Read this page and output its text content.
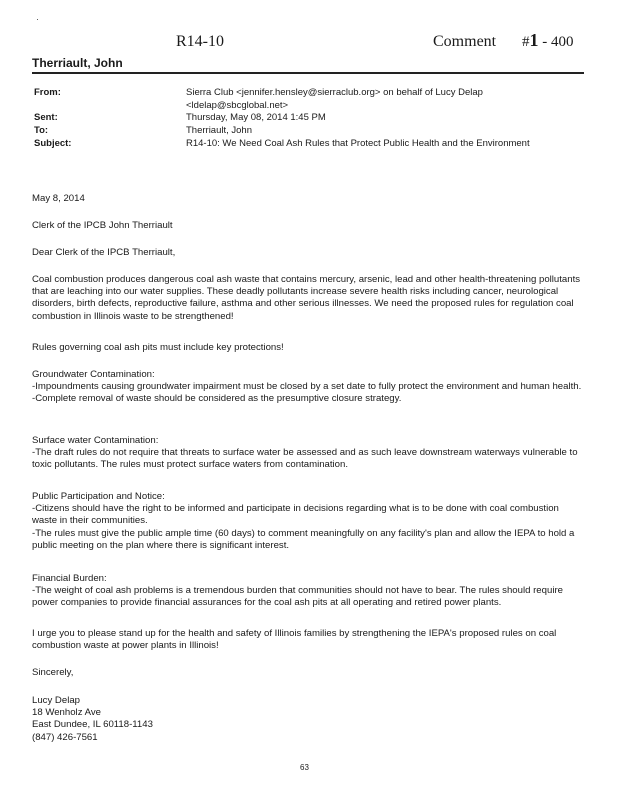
·
R14-10	Comment #1 - 400
Therriault, John
From:	Sierra Club <jennifer.hensley@sierraclub.org> on behalf of Lucy Delap <ldelap@sbcglobal.net>
Sent:	Thursday, May 08, 2014 1:45 PM
To:	Therriault, John
Subject:	R14-10: We Need Coal Ash Rules that Protect Public Health and the Environment
May 8, 2014
Clerk of the IPCB John Therriault
Dear Clerk of the IPCB Therriault,
Coal combustion produces dangerous coal ash waste that contains mercury, arsenic, lead and other health-threatening pollutants that are leaching into our water supplies. These deadly pollutants increase severe health risks including cancer, neurological disorders, birth defects, reproductive failure, asthma and other serious illnesses. We need the proposed rules for regulation coal combustion in Illinois waste to be strengthened!
Rules governing coal ash pits must include key protections!

Groundwater Contamination:

-Impoundments causing groundwater impairment must be closed by a set date to fully protect the environment and human health.

-Complete removal of waste should be considered as the presumptive closure strategy.

Surface water Contamination:

-The draft rules do not require that threats to surface water be assessed and as such leave downstream waterways vulnerable to toxic pollutants. The rules must protect surface waters from contamination.

Public Participation and Notice:

-Citizens should have the right to be informed and participate in decisions regarding what is to be done with coal combustion waste in their communities.

-The rules must give the public ample time (60 days) to comment meaningfully on any facility's plan and allow the IEPA to hold a public meeting on the plan where there is significant interest.

Financial Burden:

-The weight of coal ash problems is a tremendous burden that communities should not have to bear. The rules should require power companies to provide financial assurances for the coal ash pits at all operating and retired power plants.

I urge you to please stand up for the health and safety of Illinois families by strengthening the IEPA's proposed rules on coal combustion waste at power plants in Illinois!
Sincerely,

Lucy Delap

18 Wenholz Ave

East Dundee, IL 60118-1143

(847) 426-7561

63
